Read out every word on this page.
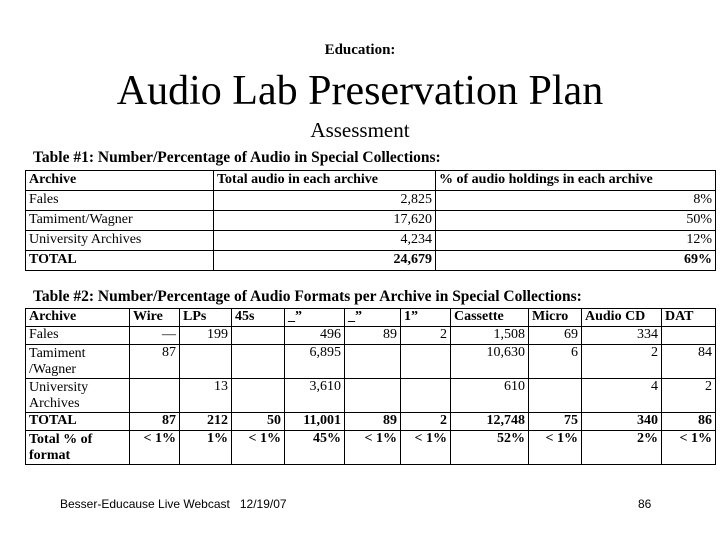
Education:
Audio Lab Preservation Plan
Assessment
Table #1: Number/Percentage of Audio in Special Collections:
Archive	Total audio in each archive	% of audio holdings in each archive
Fales	2,825	8%
Tamiment/Wagner	17,620	50%
University Archives	4,234	12%
TOTAL	24,679	69%
Table #2: Number/Percentage of Audio Formats per Archive in Special Collections:
Archive	Wire	LPs	45s	_”	_”	1”	Cassette	Micro	Audio CD	DAT
Fales	—	199		496	89	2	1,508	69	334	
Tamiment /Wagner	87			6,895			10,630	6	2	84
University Archives		13		3,610			610		4	2
TOTAL	87	212	50	11,001	89	2	12,748	75	340	86
Total % of format	< 1%	1%	< 1%	45%	< 1%	< 1%	52%	< 1%	2%	< 1%
Besser-Educause Live Webcast   12/19/07	86
